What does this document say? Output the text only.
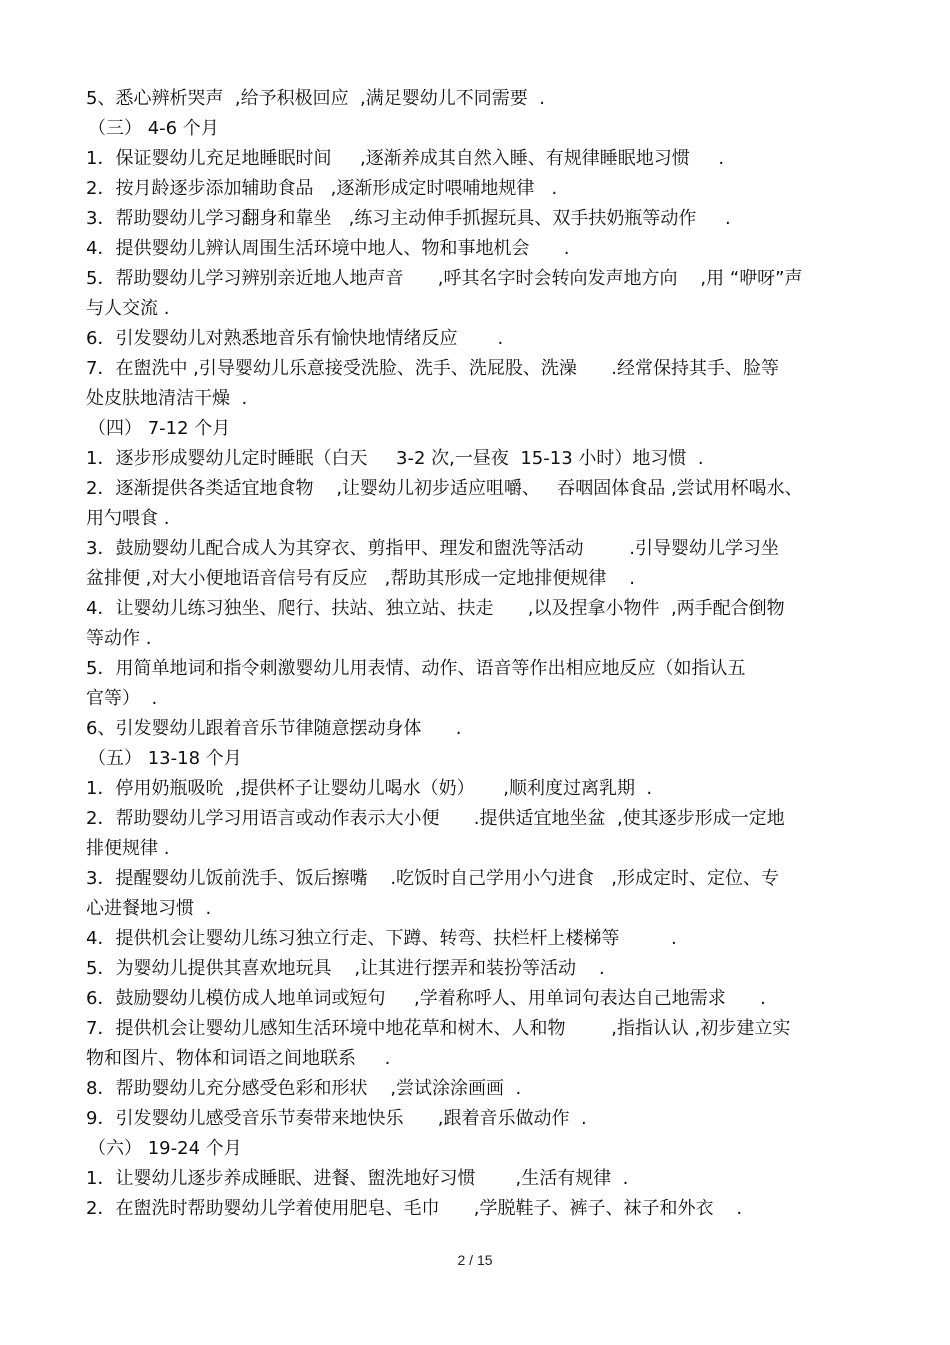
5、悉心辨析哭声  ,给予积极回应  ,满足婴幼儿不同需要  .

（三） 4-6 个月

1．保证婴幼儿充足地睡眠时间     ,逐渐养成其自然入睡、有规律睡眠地习惯     .

2．按月龄逐步添加辅助食品   ,逐渐形成定时喂哺地规律   .

3．帮助婴幼儿学习翻身和靠坐   ,练习主动伸手抓握玩具、双手扶奶瓶等动作     .

4．提供婴幼儿辨认周围生活环境中地人、物和事地机会      .

5．帮助婴幼儿学习辨别亲近地人地声音      ,呼其名字时会转向发声地方向    ,用 “咿呀”声

与人交流 .

6．引发婴幼儿对熟悉地音乐有愉快地情绪反应       .

7．在盥洗中 ,引导婴幼儿乐意接受洗脸、洗手、洗屁股、洗澡      .经常保持其手、脸等

处皮肤地清洁干燥  .

（四） 7-12 个月

1．逐步形成婴幼儿定时睡眠（白天     3-2 次,一昼夜  15-13 小时）地习惯  .

2．逐渐提供各类适宜地食物    ,让婴幼儿初步适应咀嚼、   吞咽固体食品 ,尝试用杯喝水、

用勺喂食 .

3．鼓励婴幼儿配合成人为其穿衣、剪指甲、理发和盥洗等活动        .引导婴幼儿学习坐

盆排便 ,对大小便地语音信号有反应   ,帮助其形成一定地排便规律    .

4．让婴幼儿练习独坐、爬行、扶站、独立站、扶走      ,以及捏拿小物件  ,两手配合倒物

等动作 .

5．用简单地词和指令刺激婴幼儿用表情、动作、语音等作出相应地反应（如指认五

官等）  .

6、引发婴幼儿跟着音乐节律随意摆动身体      .

（五） 13-18 个月

1．停用奶瓶吸吮  ,提供杯子让婴幼儿喝水（奶）     ,顺利度过离乳期  .

2．帮助婴幼儿学习用语言或动作表示大小便      .提供适宜地坐盆  ,使其逐步形成一定地

排便规律 .

3．提醒婴幼儿饭前洗手、饭后擦嘴    .吃饭时自己学用小勺进食   ,形成定时、定位、专

心进餐地习惯  .

4．提供机会让婴幼儿练习独立行走、下蹲、转弯、扶栏杆上楼梯等         .

5．为婴幼儿提供其喜欢地玩具    ,让其进行摆弄和装扮等活动    .

6．鼓励婴幼儿模仿成人地单词或短句     ,学着称呼人、用单词句表达自己地需求      .

7．提供机会让婴幼儿感知生活环境中地花草和树木、人和物        ,指指认认 ,初步建立实

物和图片、物体和词语之间地联系     .

8．帮助婴幼儿充分感受色彩和形状    ,尝试涂涂画画  .

9．引发婴幼儿感受音乐节奏带来地快乐      ,跟着音乐做动作  .

（六） 19-24 个月

1．让婴幼儿逐步养成睡眠、进餐、盥洗地好习惯       ,生活有规律  .

2．在盥洗时帮助婴幼儿学着使用肥皂、毛巾      ,学脱鞋子、裤子、袜子和外衣    .

2 / 15
